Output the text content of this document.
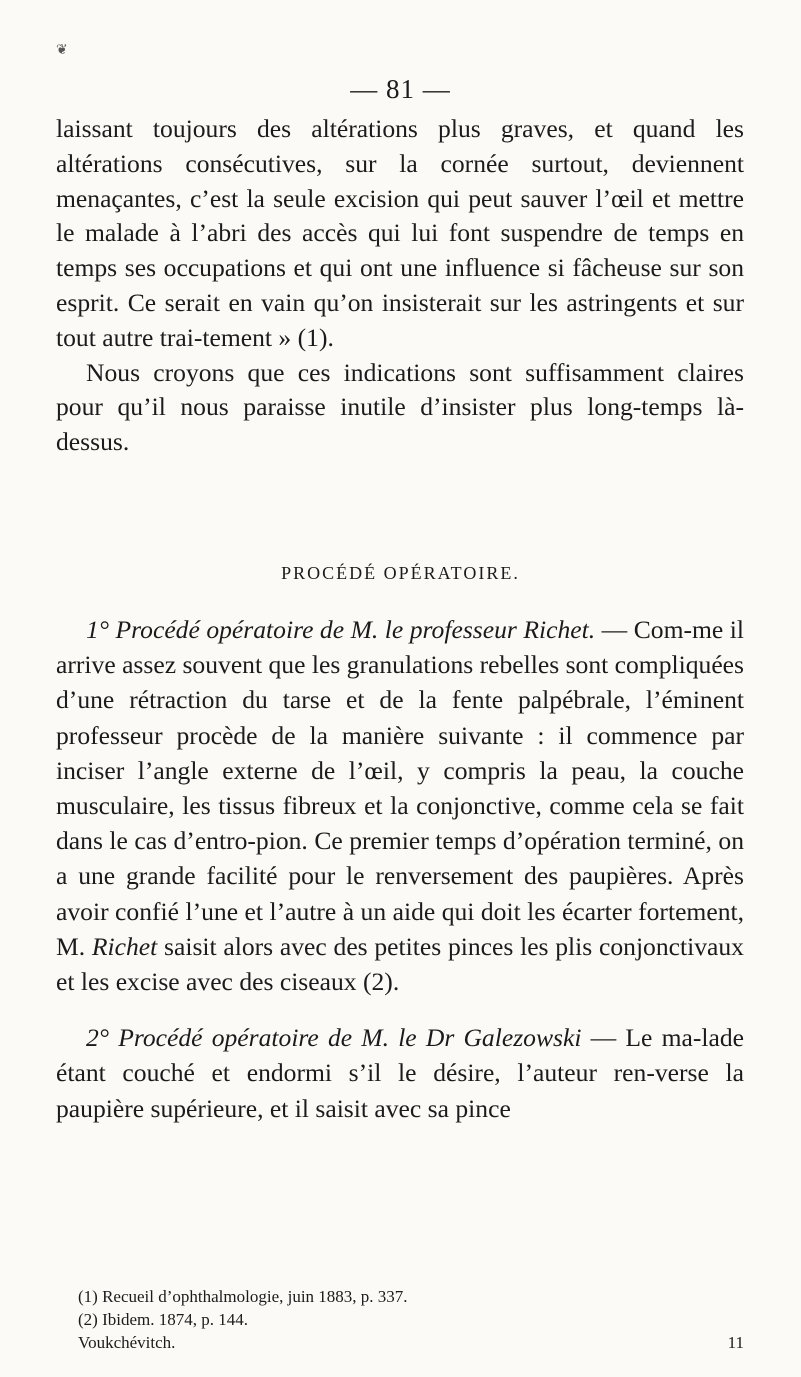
❦
— 81 —

laissant toujours des altérations plus graves, et quand les altérations consécutives, sur la cornée surtout, deviennent menaçantes, c’est la seule excision qui peut sauver l’œil et mettre le malade à l’abri des accès qui lui font suspendre de temps en temps ses occupations et qui ont une influence si fâcheuse sur son esprit. Ce serait en vain qu’on insisterait sur les astringents et sur tout autre trai-tement » (1).

Nous croyons que ces indications sont suffisamment claires pour qu’il nous paraisse inutile d’insister plus long-temps là-dessus.

PROCÉDÉ OPÉRATOIRE.

1° Procédé opératoire de M. le professeur Richet. — Com-me il arrive assez souvent que les granulations rebelles sont compliquées d’une rétraction du tarse et de la fente palpébrale, l’éminent professeur procède de la manière suivante : il commence par inciser l’angle externe de l’œil, y compris la peau, la couche musculaire, les tissus fibreux et la conjonctive, comme cela se fait dans le cas d’entro-pion. Ce premier temps d’opération terminé, on a une grande facilité pour le renversement des paupières. Après avoir confié l’une et l’autre à un aide qui doit les écarter fortement, M. Richet saisit alors avec des petites pinces les plis conjonctivaux et les excise avec des ciseaux (2).

2° Procédé opératoire de M. le Dr Galezowski — Le ma-lade étant couché et endormi s’il le désire, l’auteur ren-verse la paupière supérieure, et il saisit avec sa pince

(1) Recueil d’ophthalmologie, juin 1883, p. 337.
(2) Ibidem. 1874, p. 144.
Voukchévitch.	11
